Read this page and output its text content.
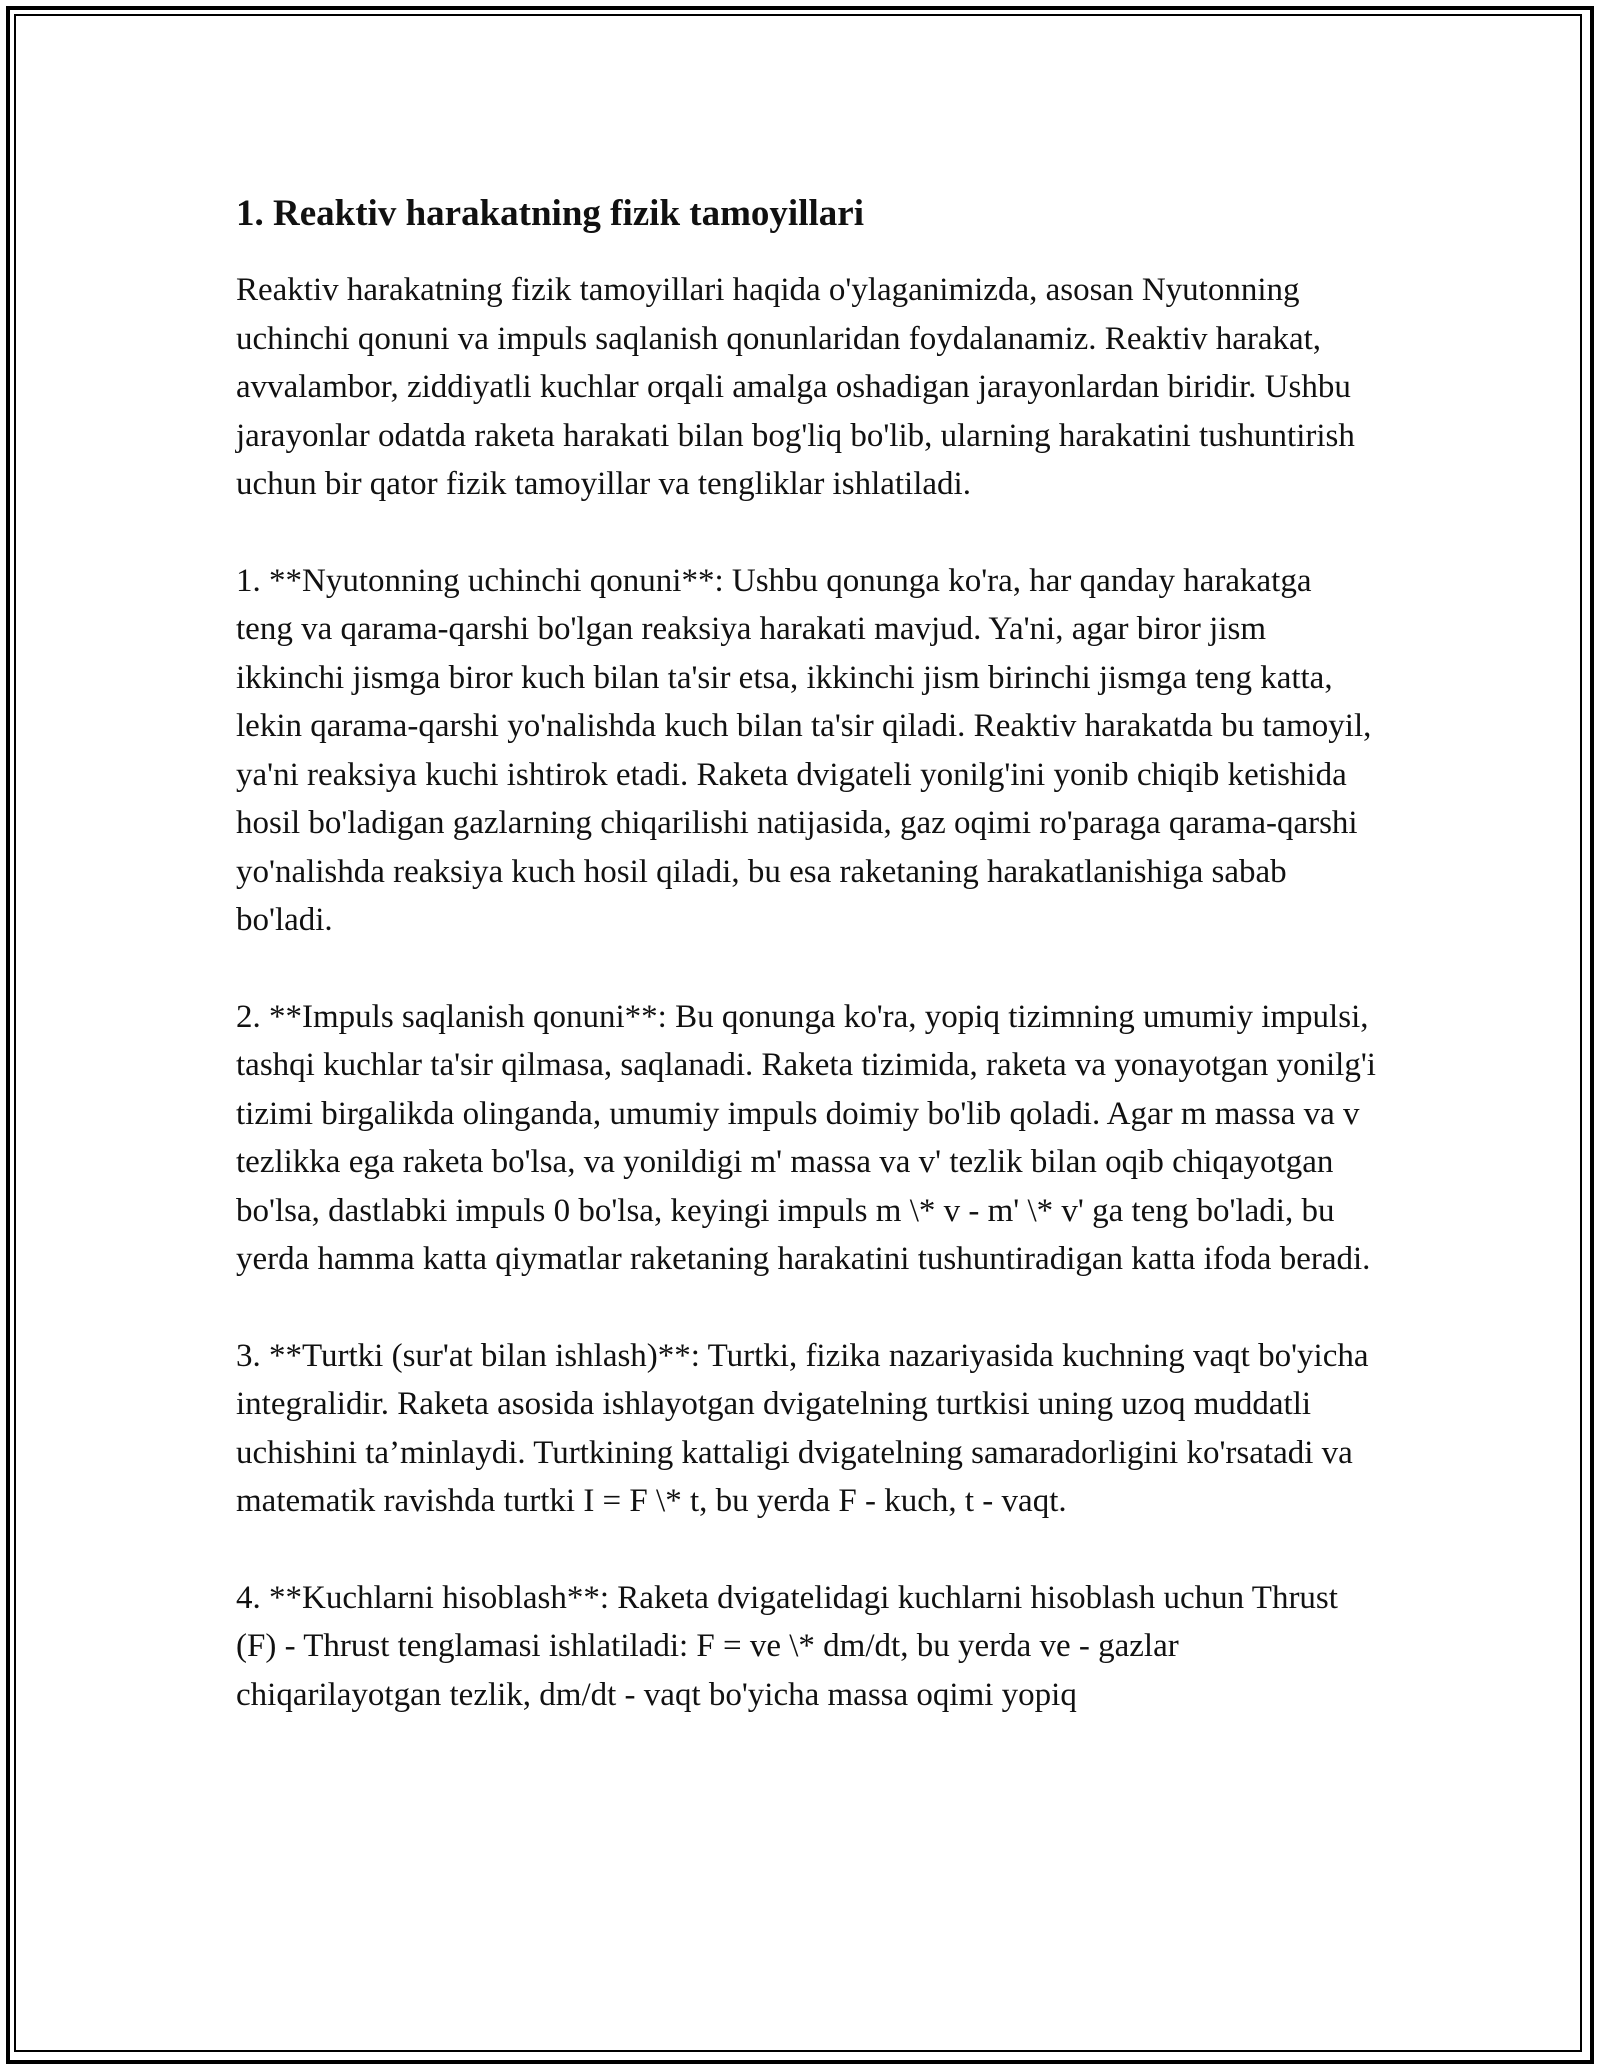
1. Reaktiv harakatning fizik tamoyillari

Reaktiv harakatning fizik tamoyillari haqida o'ylaganimizda, asosan Nyutonning uchinchi qonuni va impuls saqlanish qonunlaridan foydalanamiz. Reaktiv harakat, avvalambor, ziddiyatli kuchlar orqali amalga oshadigan jarayonlardan biridir. Ushbu jarayonlar odatda raketa harakati bilan bog'liq bo'lib, ularning harakatini tushuntirish uchun bir qator fizik tamoyillar va tengliklar ishlatiladi.

1. **Nyutonning uchinchi qonuni**: Ushbu qonunga ko'ra, har qanday harakatga teng va qarama-qarshi bo'lgan reaksiya harakati mavjud. Ya'ni, agar biror jism ikkinchi jismga biror kuch bilan ta'sir etsa, ikkinchi jism birinchi jismga teng katta, lekin qarama-qarshi yo'nalishda kuch bilan ta'sir qiladi. Reaktiv harakatda bu tamoyil, ya'ni reaksiya kuchi ishtirok etadi. Raketa dvigateli yonilg'ini yonib chiqib ketishida hosil bo'ladigan gazlarning chiqarilishi natijasida, gaz oqimi ro'paraga qarama-qarshi yo'nalishda reaksiya kuch hosil qiladi, bu esa raketaning harakatlanishiga sabab bo'ladi.

2. **Impuls saqlanish qonuni**: Bu qonunga ko'ra, yopiq tizimning umumiy impulsi, tashqi kuchlar ta'sir qilmasa, saqlanadi. Raketa tizimida, raketa va yonayotgan yonilg'i tizimi birgalikda olinganda, umumiy impuls doimiy bo'lib qoladi. Agar m massa va v tezlikka ega raketa bo'lsa, va yonildigi m' massa va v' tezlik bilan oqib chiqayotgan bo'lsa, dastlabki impuls 0 bo'lsa, keyingi impuls m \* v - m' \* v' ga teng bo'ladi, bu yerda hamma katta qiymatlar raketaning harakatini tushuntiradigan katta ifoda beradi.

3. **Turtki (sur'at bilan ishlash)**: Turtki, fizika nazariyasida kuchning vaqt bo'yicha integralidir. Raketa asosida ishlayotgan dvigatelning turtkisi uning uzoq muddatli uchishini ta’minlaydi. Turtkining kattaligi dvigatelning samaradorligini ko'rsatadi va matematik ravishda turtki I = F \* t, bu yerda F - kuch, t - vaqt.

4. **Kuchlarni hisoblash**: Raketa dvigatelidagi kuchlarni hisoblash uchun Thrust (F) - Thrust tenglamasi ishlatiladi: F = ve \* dm/dt, bu yerda ve - gazlar chiqarilayotgan tezlik, dm/dt - vaqt bo'yicha massa oqimi yopiq
